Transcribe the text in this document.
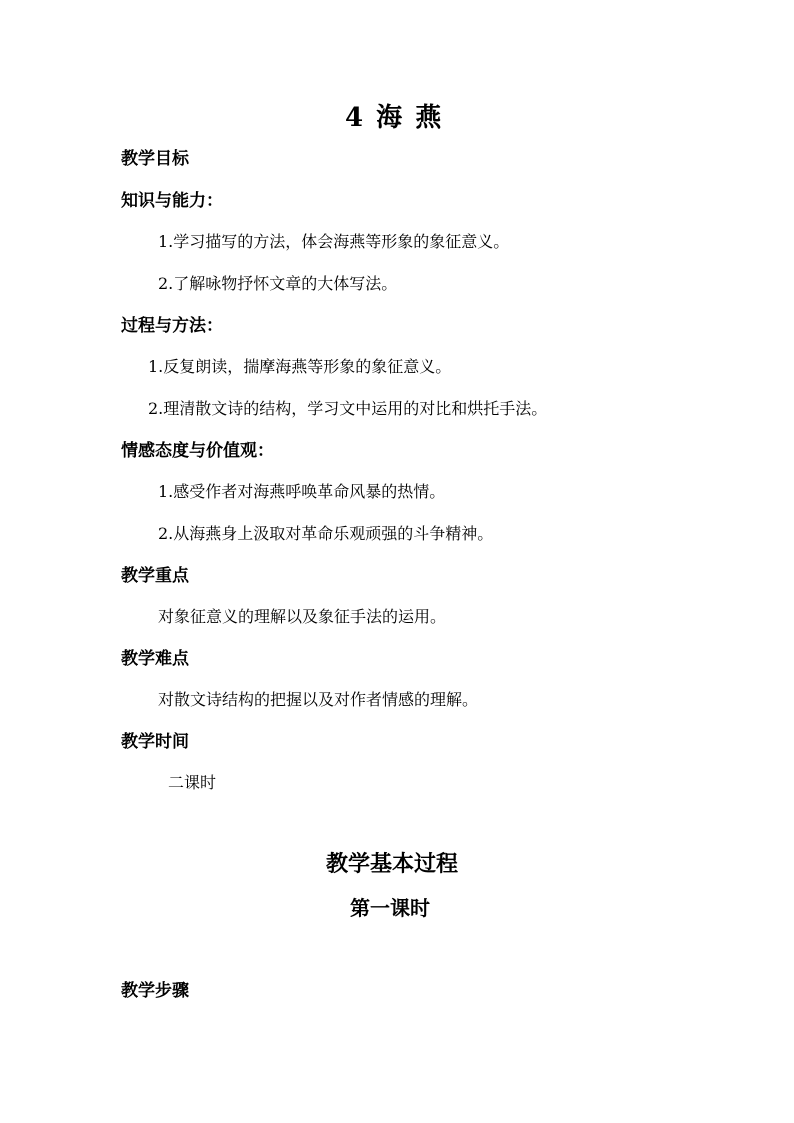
4 海 燕
教学目标
知识与能力：
1.学习描写的方法，体会海燕等形象的象征意义。
2.了解咏物抒怀文章的大体写法。
过程与方法：
1.反复朗读，揣摩海燕等形象的象征意义。
2.理清散文诗的结构，学习文中运用的对比和烘托手法。
情感态度与价值观：
1.感受作者对海燕呼唤革命风暴的热情。
2.从海燕身上汲取对革命乐观顽强的斗争精神。
教学重点
对象征意义的理解以及象征手法的运用。
教学难点
对散文诗结构的把握以及对作者情感的理解。
教学时间
二课时
教学基本过程
第一课时
教学步骤
